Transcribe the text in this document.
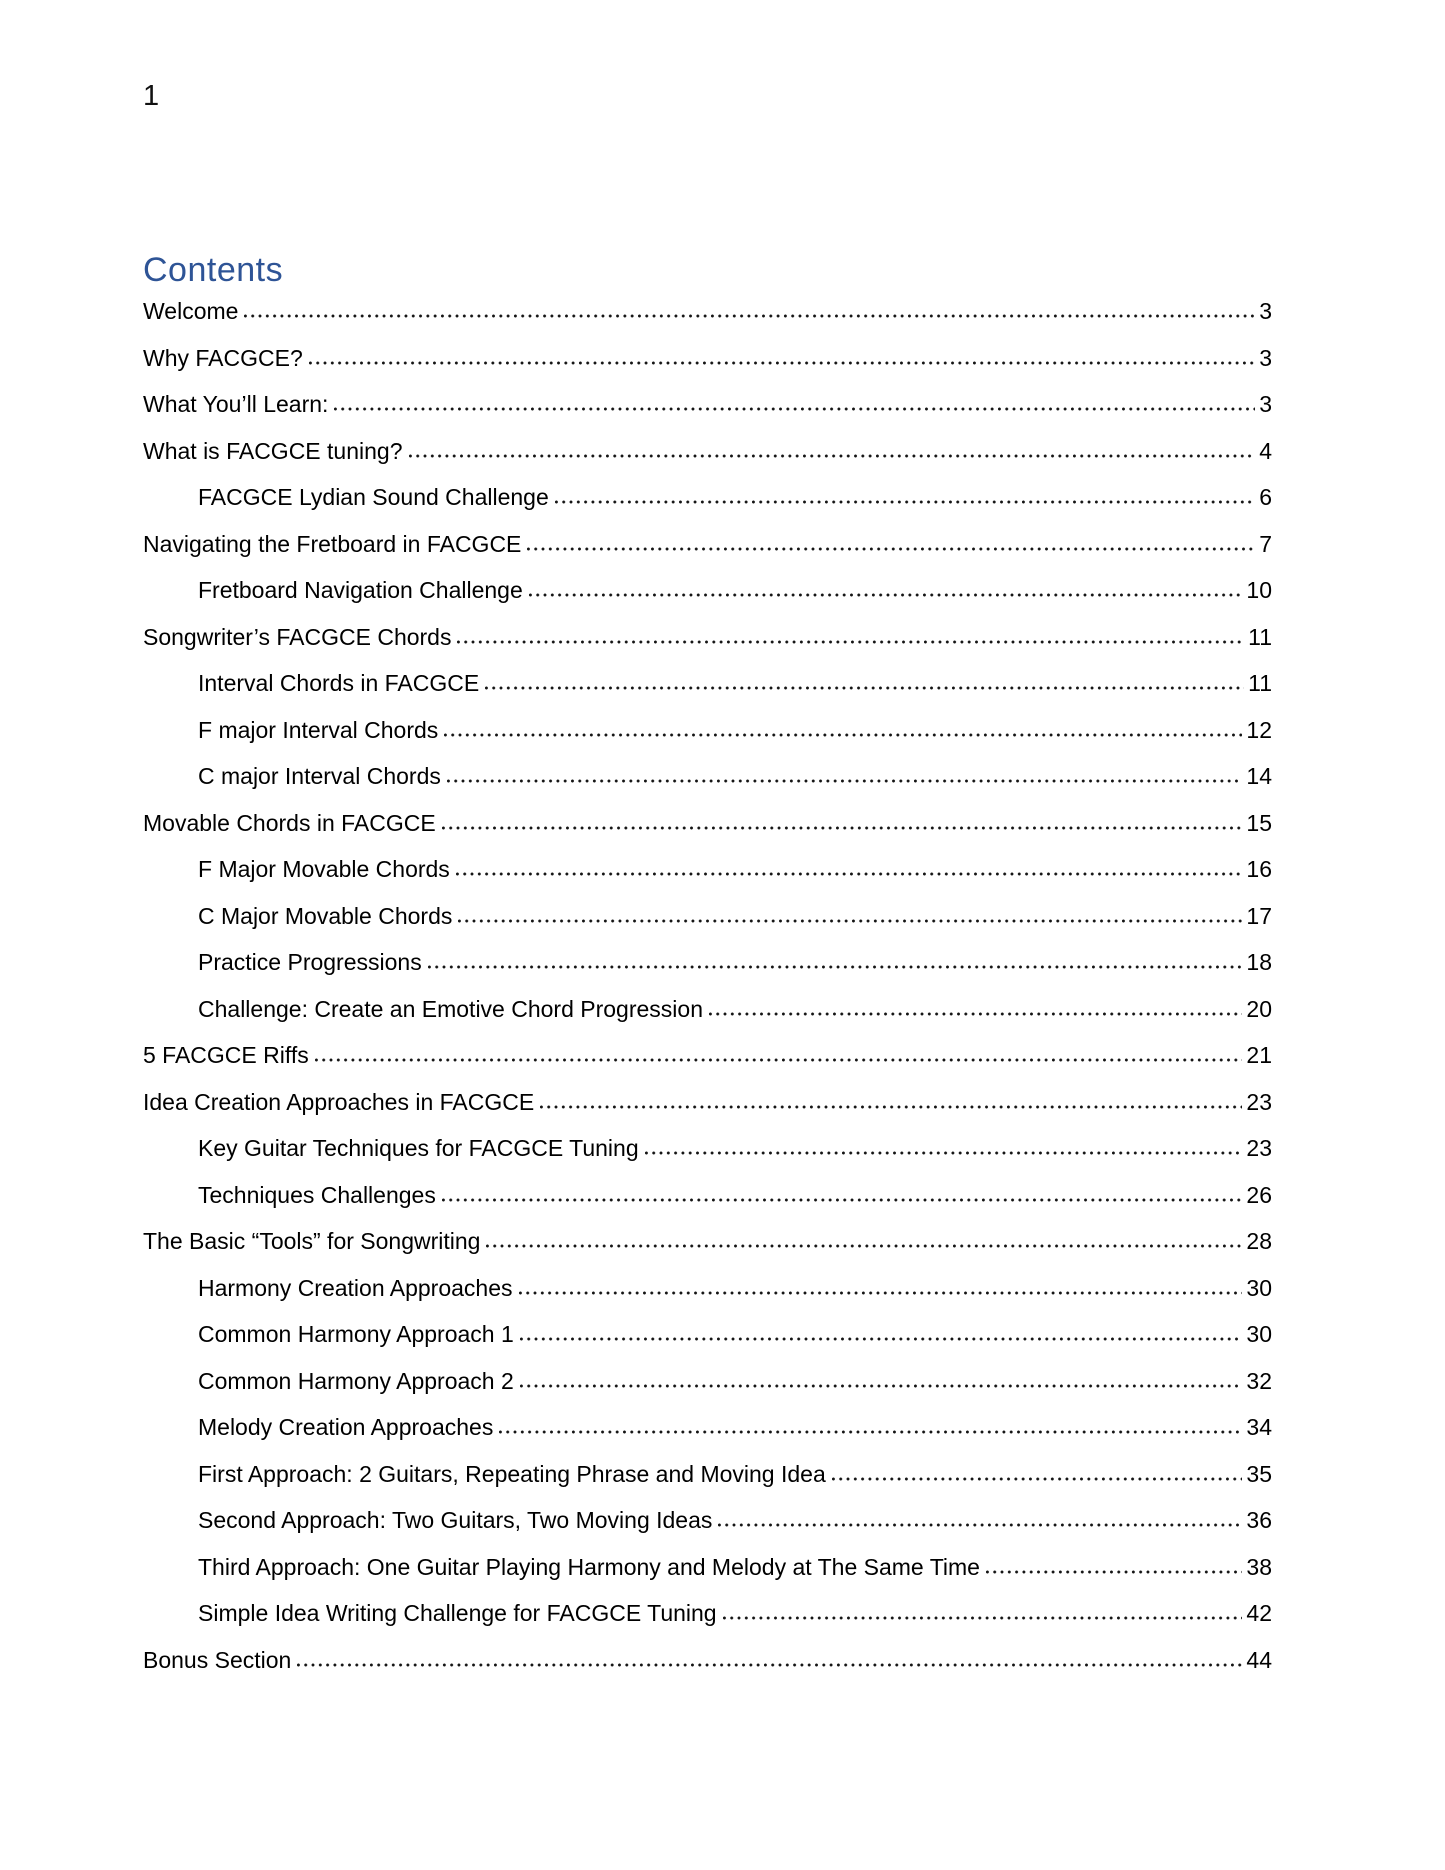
1
Contents
Welcome	3
Why FACGCE?	3
What You’ll Learn:	3
What is FACGCE tuning?	4
FACGCE Lydian Sound Challenge	6
Navigating the Fretboard in FACGCE	7
Fretboard Navigation Challenge	10
Songwriter’s FACGCE Chords	11
Interval Chords in FACGCE	11
F major Interval Chords	12
C major Interval Chords	14
Movable Chords in FACGCE	15
F Major Movable Chords	16
C Major Movable Chords	17
Practice Progressions	18
Challenge: Create an Emotive Chord Progression	20
5 FACGCE Riffs	21
Idea Creation Approaches in FACGCE	23
Key Guitar Techniques for FACGCE Tuning	23
Techniques Challenges	26
The Basic “Tools” for Songwriting	28
Harmony Creation Approaches	30
Common Harmony Approach 1	30
Common Harmony Approach 2	32
Melody Creation Approaches	34
First Approach: 2 Guitars, Repeating Phrase and Moving Idea	35
Second Approach: Two Guitars, Two Moving Ideas	36
Third Approach: One Guitar Playing Harmony and Melody at The Same Time	38
Simple Idea Writing Challenge for FACGCE Tuning	42
Bonus Section	44
